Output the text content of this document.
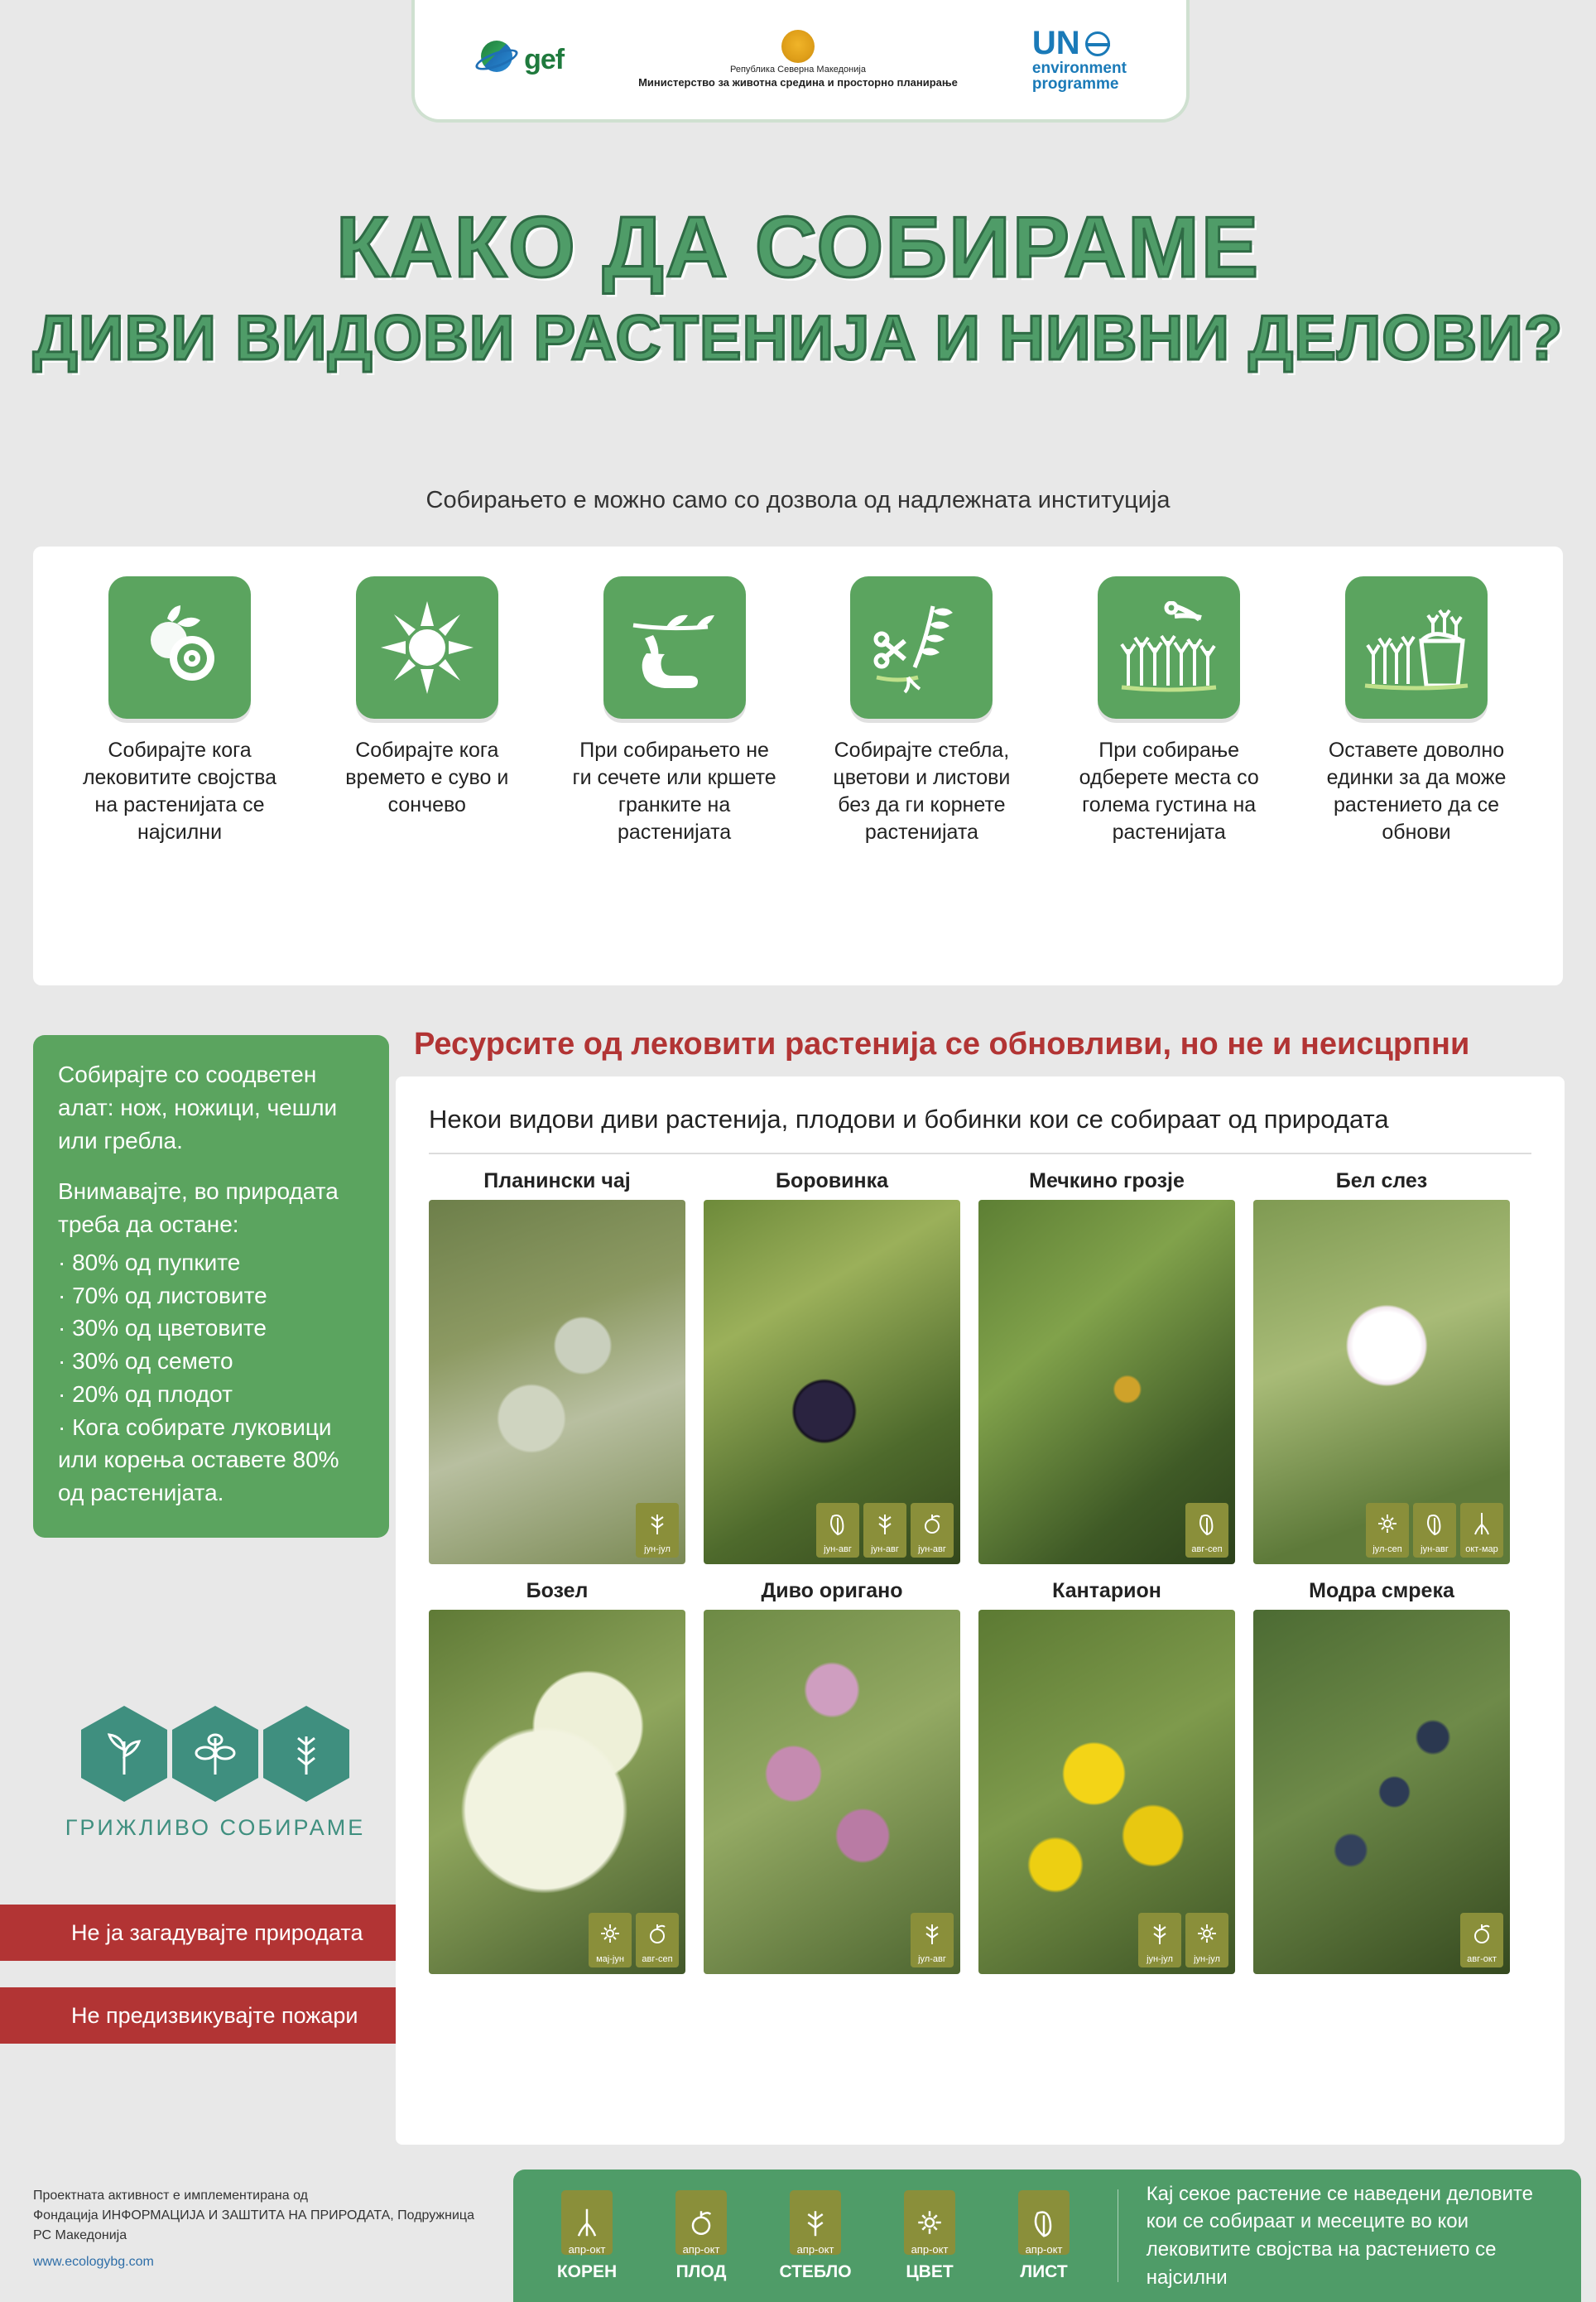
gef	Република Северна Македонија
Министерство за животна средина и просторно планирање
UN
environment
programme
КАКО ДА СОБИРАМЕ
ДИВИ ВИДОВИ РАСТЕНИЈА И НИВНИ ДЕЛОВИ?
Собирањето е можно само со дозвола од надлежната институција
Собирајте кога лековитите својства на растенијата се најсилни
Собирајте кога времето е суво и сончево
При собирањето не ги сечете или кршете гранките на растенијата
Собирајте стебла, цветови и листови без да ги корнете растенијата
При собирање одберете места со голема густина на растенијата
Оставете доволно единки за да може растението да се обнови

Собирајте со соодветен алат: нож, ножици, чешли или гребла.

Внимавајте, во природата треба да остане:

· 80% од пупките
· 70% од листовите
· 30% од цветовите
· 30% од семето
· 20% од плодот
· Кога собирате луковици или корења оставете 80% од растенијата.
ГРИЖЛИВО СОБИРАМЕ
Не ја загадувајте природата
Не предизвикувајте пожари
Ресурсите од лековити растенија се обновливи, но не и неисцрпни
Некои видови диви растенија, плодови и бобинки кои се собираат од природата
Планински чај
јун-јул
Боровинка
јун-авг јун-авг јун-авг
Мечкино грозје
авг-сеп
Бел слез
јул-сеп јун-авг окт-мар
Бозел
мај-јун авг-сеп
Диво оригано
јул-авг
Кантарион
јун-јул јун-јул
Модра смрека
авг-окт
апр-окт
КОРЕН
апр-окт
ПЛОД
апр-окт
СТЕБЛО
апр-окт
ЦВЕТ
апр-окт
ЛИСТ
Кај секое растение се наведени деловите кои се собираат и месеците во кои лековитите својства на растението се најсилни
Проектната активност е имплементирана од
Фондација ИНФОРМАЦИЈА И ЗАШТИТА НА ПРИРОДАТА, Подружница РС Македонија
www.ecologybg.com
